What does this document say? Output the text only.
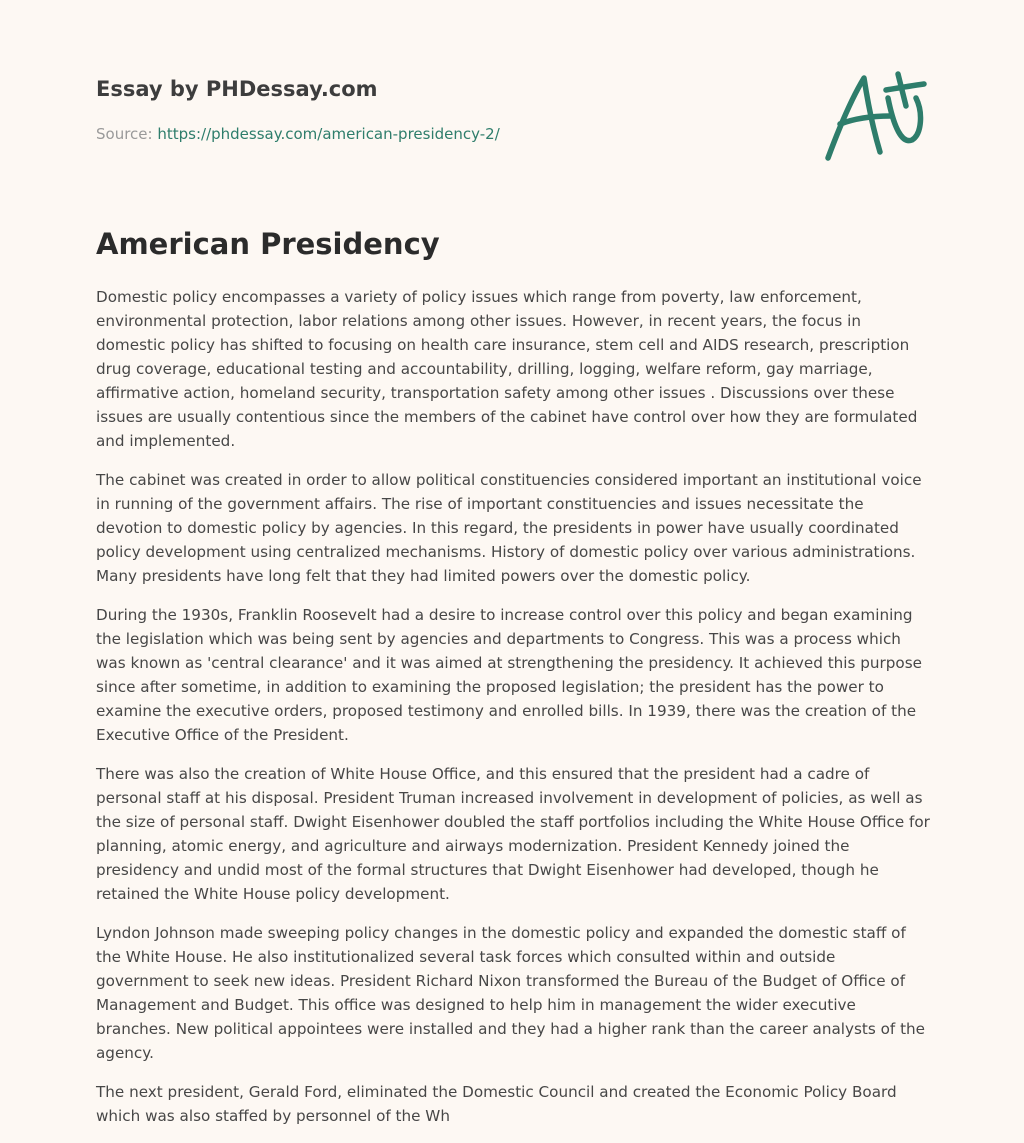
Essay by PHDessay.com
Source: https://phdessay.com/american-presidency-2/
American Presidency

Domestic policy encompasses a variety of policy issues which range from poverty, law enforcement, environmental protection, labor relations among other issues. However, in recent years, the focus in domestic policy has shifted to focusing on health care insurance, stem cell and AIDS research, prescription drug coverage, educational testing and accountability, drilling, logging, welfare reform, gay marriage, affirmative action, homeland security, transportation safety among other issues . Discussions over these issues are usually contentious since the members of the cabinet have control over how they are formulated and implemented.

The cabinet was created in order to allow political constituencies considered important an institutional voice in running of the government affairs. The rise of important constituencies and issues necessitate the devotion to domestic policy by agencies. In this regard, the presidents in power have usually coordinated policy development using centralized mechanisms. History of domestic policy over various administrations. Many presidents have long felt that they had limited powers over the domestic policy.

During the 1930s, Franklin Roosevelt had a desire to increase control over this policy and began examining the legislation which was being sent by agencies and departments to Congress. This was a process which was known as 'central clearance' and it was aimed at strengthening the presidency. It achieved this purpose since after sometime, in addition to examining the proposed legislation; the president has the power to examine the executive orders, proposed testimony and enrolled bills. In 1939, there was the creation of the Executive Office of the President.

There was also the creation of White House Office, and this ensured that the president had a cadre of personal staff at his disposal. President Truman increased involvement in development of policies, as well as the size of personal staff. Dwight Eisenhower doubled the staff portfolios including the White House Office for planning, atomic energy, and agriculture and airways modernization. President Kennedy joined the presidency and undid most of the formal structures that Dwight Eisenhower had developed, though he retained the White House policy development.

Lyndon Johnson made sweeping policy changes in the domestic policy and expanded the domestic staff of the White House. He also institutionalized several task forces which consulted within and outside government to seek new ideas. President Richard Nixon transformed the Bureau of the Budget of Office of Management and Budget. This office was designed to help him in management the wider executive branches. New political appointees were installed and they had a higher rank than the career analysts of the agency.

The next president, Gerald Ford, eliminated the Domestic Council and created the Economic Policy Board which was also staffed by personnel of the Wh
